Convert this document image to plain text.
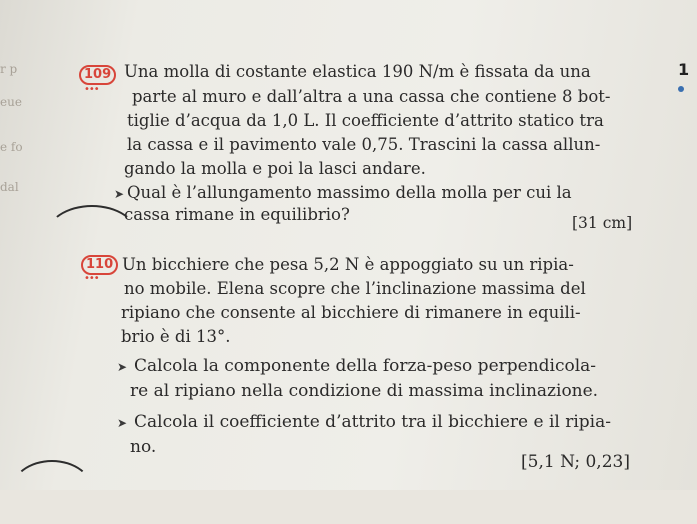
r p
eue
e fo
dal
1
109
•••
Una molla di costante elastica 190 N/m è fissata da una
parte al muro e dall’altra a una cassa che contiene 8 bot-
tiglie d’acqua da 1,0 L. Il coefficiente d’attrito statico tra
la cassa e il pavimento vale 0,75. Trascini la cassa allun-
gando la molla e poi la lasci andare.
➤ Qual è l’allungamento massimo della molla per cui la
cassa rimane in equilibrio?	[31 cm]
110
•••
Un bicchiere che pesa 5,2 N è appoggiato su un ripia-
no mobile. Elena scopre che l’inclinazione massima del
ripiano che consente al bicchiere di rimanere in equili-
brio è di 13°.
➤ Calcola la componente della forza-peso perpendicola-
re al ripiano nella condizione di massima inclinazione.
➤ Calcola il coefficiente d’attrito tra il bicchiere e il ripia-
no.
[5,1 N; 0,23]
